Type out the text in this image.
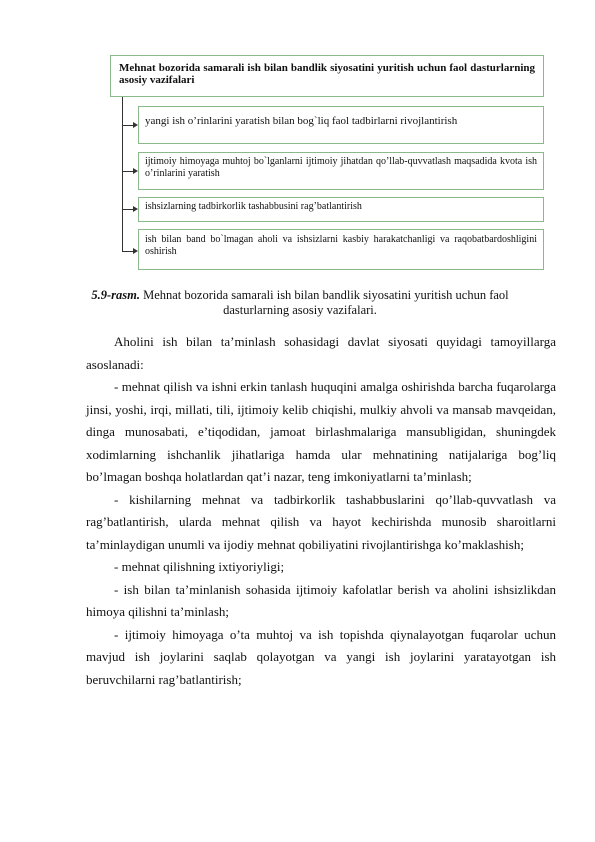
Mehnat bozorida samarali ish bilan bandlik siyosatini yuritish uchun faol dasturlarning asosiy vazifalari
yangi ish o’rinlarini yaratish bilan bog`liq faol tadbirlarni rivojlantirish
ijtimoiy himoyaga muhtoj bo`lganlarni ijtimoiy jihatdan qo’llab-quvvatlash maqsadida kvota ish o’rinlarini yaratish
ishsizlarning tadbirkorlik tashabbusini rag’batlantirish
ish bilan band bo`lmagan aholi va ishsizlarni kasbiy harakatchanligi va raqobatbardoshligini oshirish
5.9-rasm. Mehnat bozorida samarali ish bilan bandlik siyosatini yuritish uchun faol dasturlarning asosiy vazifalari.

Aholini ish bilan ta’minlash sohasidagi davlat siyosati quyidagi tamoyillarga asoslanadi:

- mehnat qilish va ishni erkin tanlash huquqini amalga oshirishda barcha fuqarolarga jinsi, yoshi, irqi, millati, tili, ijtimoiy kelib chiqishi, mulkiy ahvoli va mansab mavqeidan, dinga munosabati, e’tiqodidan, jamoat birlashmalariga mansubligidan, shuningdek xodimlarning ishchanlik jihatlariga hamda ular mehnatining natijalariga bog’liq bo’lmagan boshqa holatlardan qat’i nazar, teng imkoniyatlarni ta’minlash;

- kishilarning mehnat va tadbirkorlik tashabbuslarini qo’llab-quvvatlash va rag’batlantirish, ularda mehnat qilish va hayot kechirishda munosib sharoitlarni ta’minlaydigan unumli va ijodiy mehnat qobiliyatini rivojlantirishga ko’maklashish;

- mehnat qilishning ixtiyoriyligi;

- ish bilan ta’minlanish sohasida ijtimoiy kafolatlar berish va aholini ishsizlikdan himoya qilishni ta’minlash;

- ijtimoiy himoyaga o’ta muhtoj va ish topishda qiynalayotgan fuqarolar uchun mavjud ish joylarini saqlab qolayotgan va yangi ish joylarini yaratayotgan ish beruvchilarni rag’batlantirish;
